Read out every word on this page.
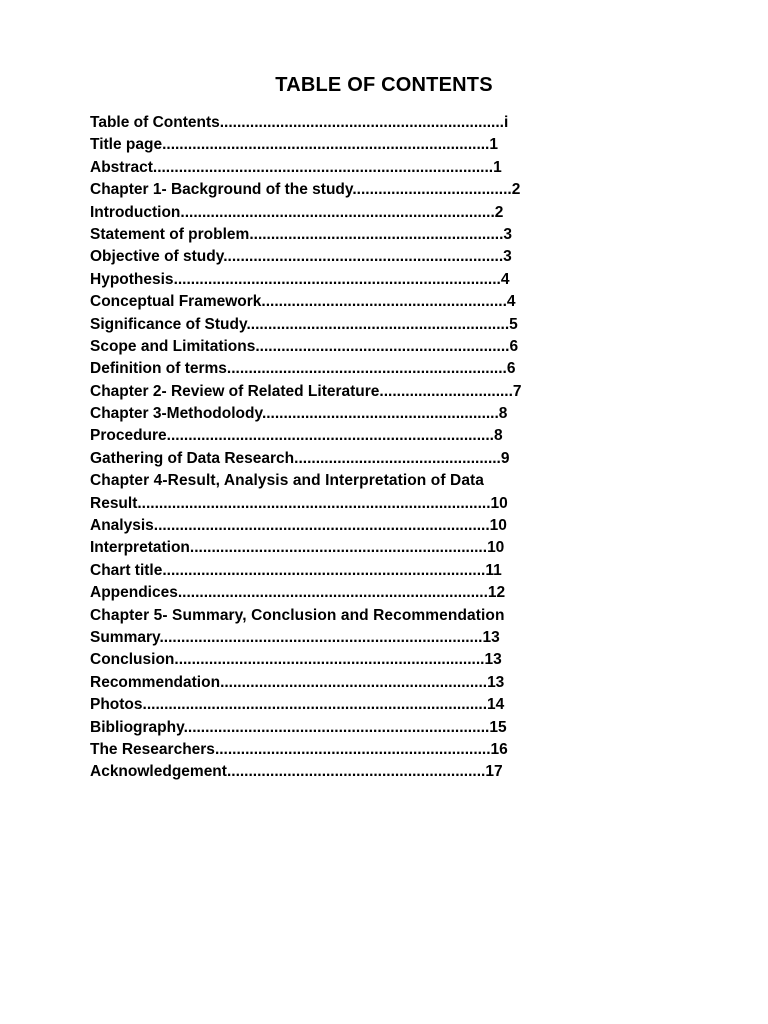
TABLE OF CONTENTS
Table of Contents..................................................................i
Title page............................................................................1
Abstract...............................................................................1
Chapter 1- Background of the study.....................................2
Introduction.........................................................................2
Statement of problem...........................................................3
Objective of study.................................................................3
Hypothesis............................................................................4
Conceptual Framework.........................................................4
Significance of Study.............................................................5
Scope and Limitations...........................................................6
Definition of terms.................................................................6
Chapter 2- Review of Related Literature...............................7
Chapter 3-Methodolody.......................................................8
Procedure............................................................................8
Gathering of Data Research................................................9
Chapter 4-Result, Analysis and Interpretation of Data
Result..................................................................................10
Analysis..............................................................................10
Interpretation.....................................................................10
Chart title...........................................................................11
Appendices........................................................................12
Chapter 5- Summary, Conclusion and Recommendation
Summary...........................................................................13
Conclusion........................................................................13
Recommendation..............................................................13
Photos................................................................................14
Bibliography.......................................................................15
The Researchers................................................................16
Acknowledgement............................................................17
